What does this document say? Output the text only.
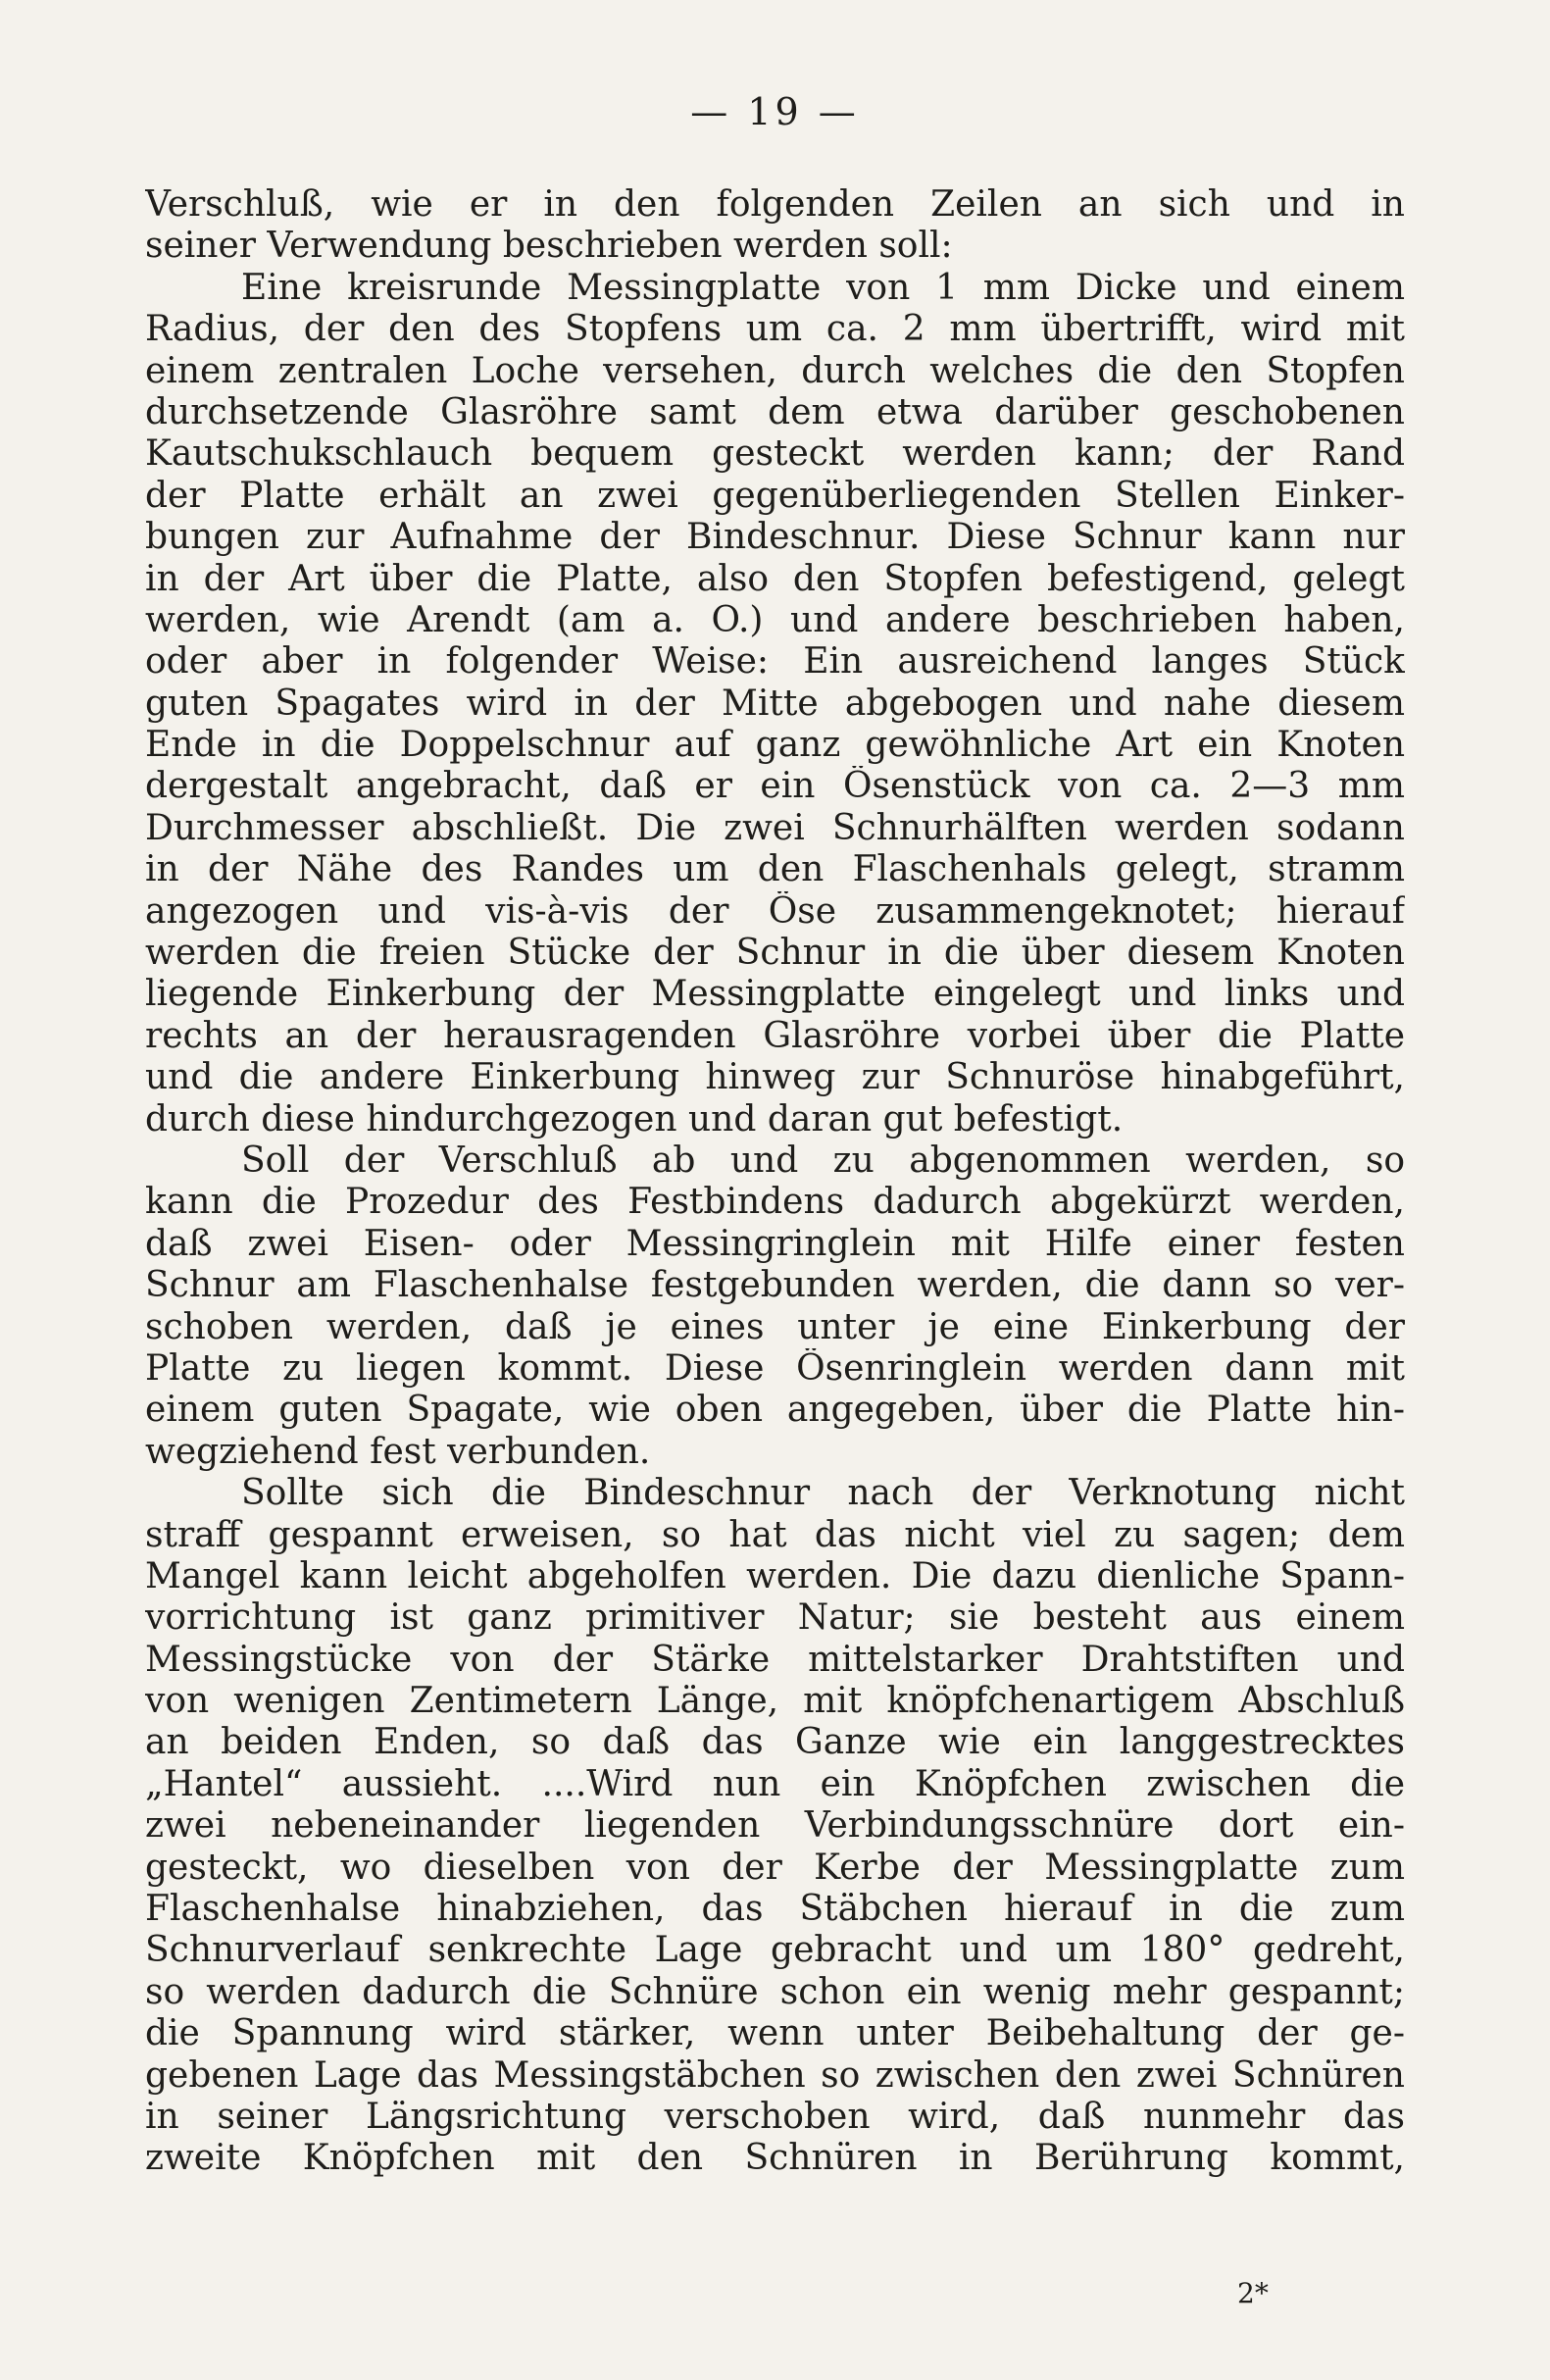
— 19 —
Verschluß, wie er in den folgenden Zeilen an sich und in
seiner Verwendung beschrieben werden soll:
Eine kreisrunde Messingplatte von 1 mm Dicke und einem
Radius, der den des Stopfens um ca. 2 mm übertrifft, wird mit
einem zentralen Loche versehen, durch welches die den Stopfen
durchsetzende Glasröhre samt dem etwa darüber geschobenen
Kautschukschlauch bequem gesteckt werden kann; der Rand
der Platte erhält an zwei gegenüberliegenden Stellen Einker-
bungen zur Aufnahme der Bindeschnur. Diese Schnur kann nur
in der Art über die Platte, also den Stopfen befestigend, gelegt
werden, wie Arendt (am a. O.) und andere beschrieben haben,
oder aber in folgender Weise: Ein ausreichend langes Stück
guten Spagates wird in der Mitte abgebogen und nahe diesem
Ende in die Doppelschnur auf ganz gewöhnliche Art ein Knoten
dergestalt angebracht, daß er ein Ösenstück von ca. 2—3 mm
Durchmesser abschließt. Die zwei Schnurhälften werden sodann
in der Nähe des Randes um den Flaschenhals gelegt, stramm
angezogen und vis-à-vis der Öse zusammengeknotet; hierauf
werden die freien Stücke der Schnur in die über diesem Knoten
liegende Einkerbung der Messingplatte eingelegt und links und
rechts an der herausragenden Glasröhre vorbei über die Platte
und die andere Einkerbung hinweg zur Schnuröse hinabgeführt,
durch diese hindurchgezogen und daran gut befestigt.
Soll der Verschluß ab und zu abgenommen werden, so
kann die Prozedur des Festbindens dadurch abgekürzt werden,
daß zwei Eisen- oder Messingringlein mit Hilfe einer festen
Schnur am Flaschenhalse festgebunden werden, die dann so ver-
schoben werden, daß je eines unter je eine Einkerbung der
Platte zu liegen kommt. Diese Ösenringlein werden dann mit
einem guten Spagate, wie oben angegeben, über die Platte hin-
wegziehend fest verbunden.
Sollte sich die Bindeschnur nach der Verknotung nicht
straff gespannt erweisen, so hat das nicht viel zu sagen; dem
Mangel kann leicht abgeholfen werden. Die dazu dienliche Spann-
vorrichtung ist ganz primitiver Natur; sie besteht aus einem
Messingstücke von der Stärke mittelstarker Drahtstiften und
von wenigen Zentimetern Länge, mit knöpfchenartigem Abschluß
an beiden Enden, so daß das Ganze wie ein langgestrecktes
„Hantel“ aussieht. ....Wird nun ein Knöpfchen zwischen die
zwei nebeneinander liegenden Verbindungsschnüre dort ein-
gesteckt, wo dieselben von der Kerbe der Messingplatte zum
Flaschenhalse hinabziehen, das Stäbchen hierauf in die zum
Schnurverlauf senkrechte Lage gebracht und um 180° gedreht,
so werden dadurch die Schnüre schon ein wenig mehr gespannt;
die Spannung wird stärker, wenn unter Beibehaltung der ge-
gebenen Lage das Messingstäbchen so zwischen den zwei Schnüren
in seiner Längsrichtung verschoben wird, daß nunmehr das
zweite Knöpfchen mit den Schnüren in Berührung kommt,
2*
